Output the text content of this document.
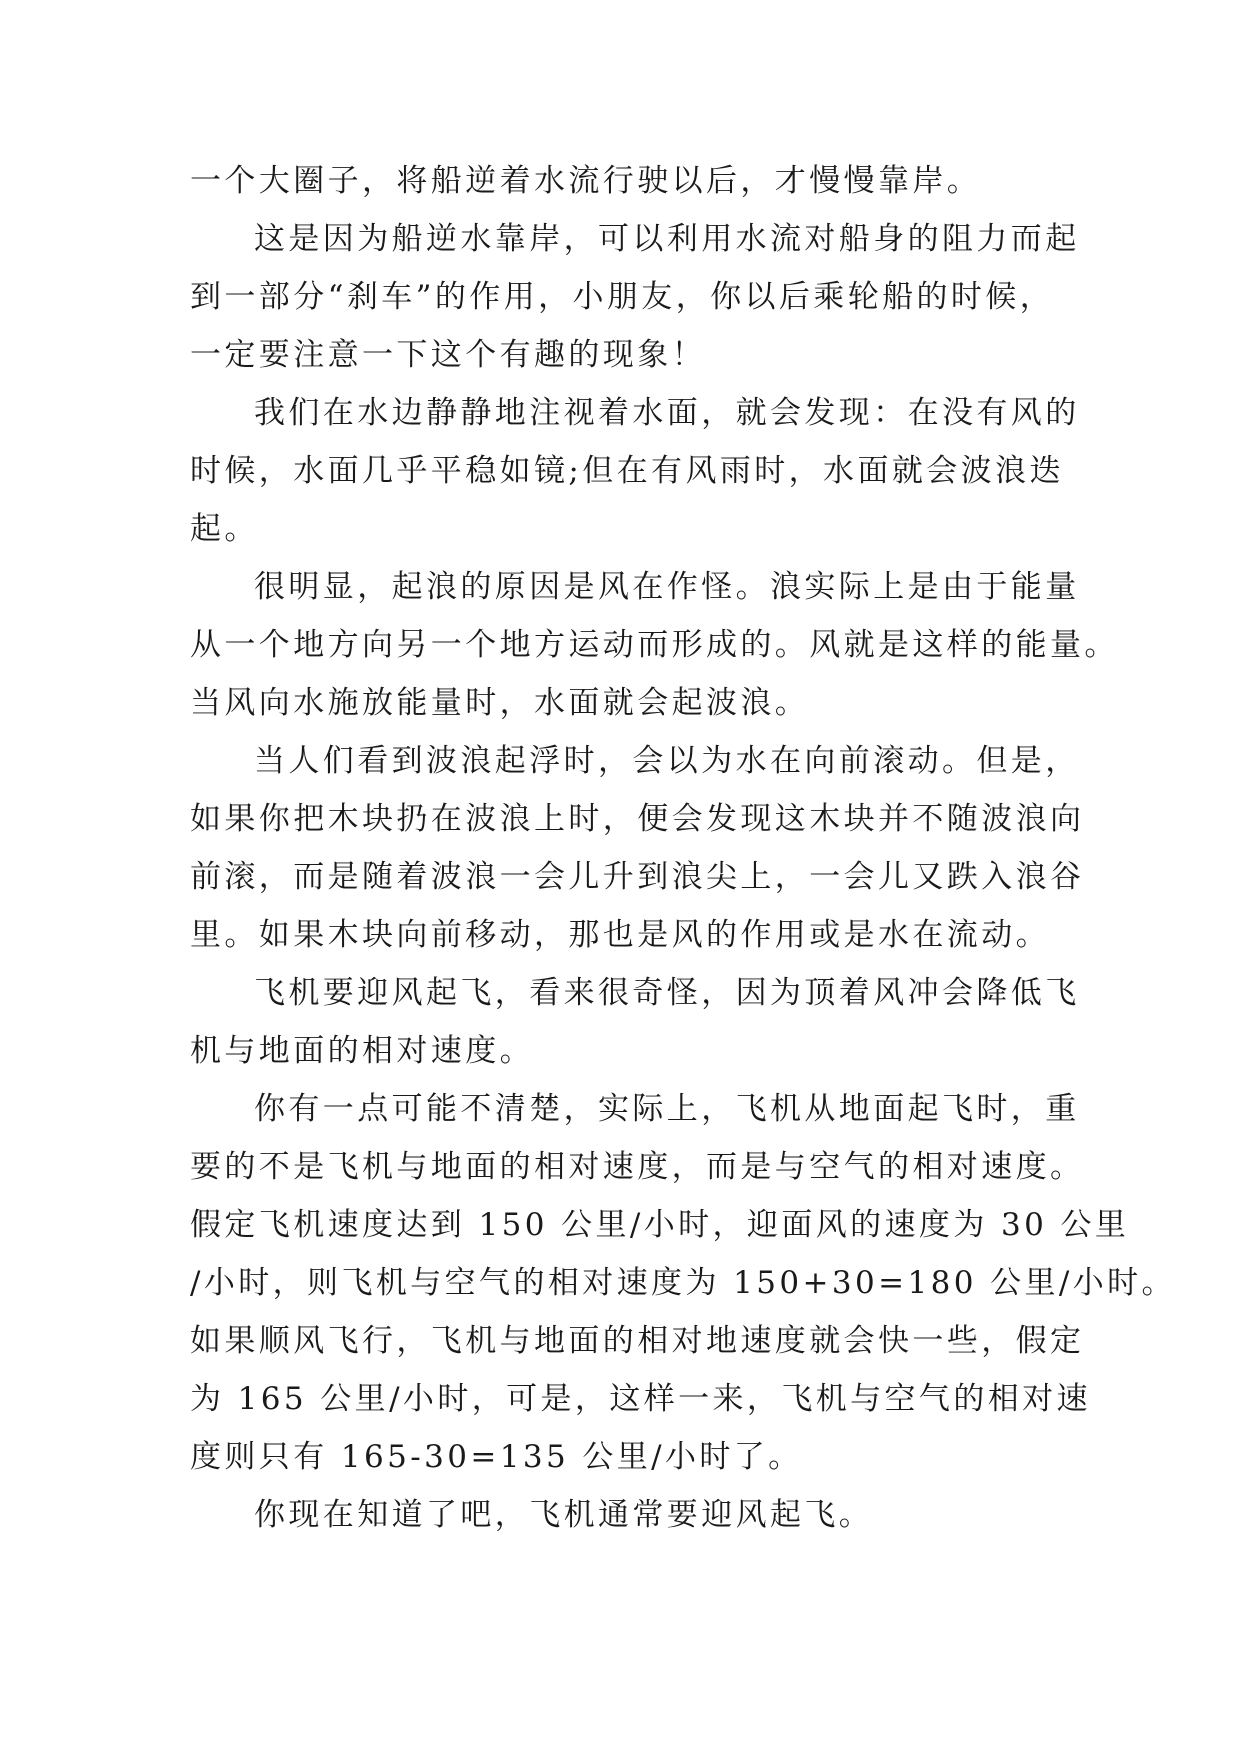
一个大圈子，将船逆着水流行驶以后，才慢慢靠岸。
这是因为船逆水靠岸，可以利用水流对船身的阻力而起
到一部分“刹车”的作用，小朋友，你以后乘轮船的时候，
一定要注意一下这个有趣的现象！
我们在水边静静地注视着水面，就会发现：在没有风的
时候，水面几乎平稳如镜;但在有风雨时，水面就会波浪迭
起。
很明显，起浪的原因是风在作怪。浪实际上是由于能量
从一个地方向另一个地方运动而形成的。风就是这样的能量。
当风向水施放能量时，水面就会起波浪。
当人们看到波浪起浮时，会以为水在向前滚动。但是，
如果你把木块扔在波浪上时，便会发现这木块并不随波浪向
前滚，而是随着波浪一会儿升到浪尖上，一会儿又跌入浪谷
里。如果木块向前移动，那也是风的作用或是水在流动。
飞机要迎风起飞，看来很奇怪，因为顶着风冲会降低飞
机与地面的相对速度。
你有一点可能不清楚，实际上，飞机从地面起飞时，重
要的不是飞机与地面的相对速度，而是与空气的相对速度。
假定飞机速度达到 150 公里/小时，迎面风的速度为 30 公里
/小时，则飞机与空气的相对速度为 150+30=180 公里/小时。
如果顺风飞行，飞机与地面的相对地速度就会快一些，假定
为 165 公里/小时，可是，这样一来，飞机与空气的相对速
度则只有 165-30=135 公里/小时了。
你现在知道了吧，飞机通常要迎风起飞。
